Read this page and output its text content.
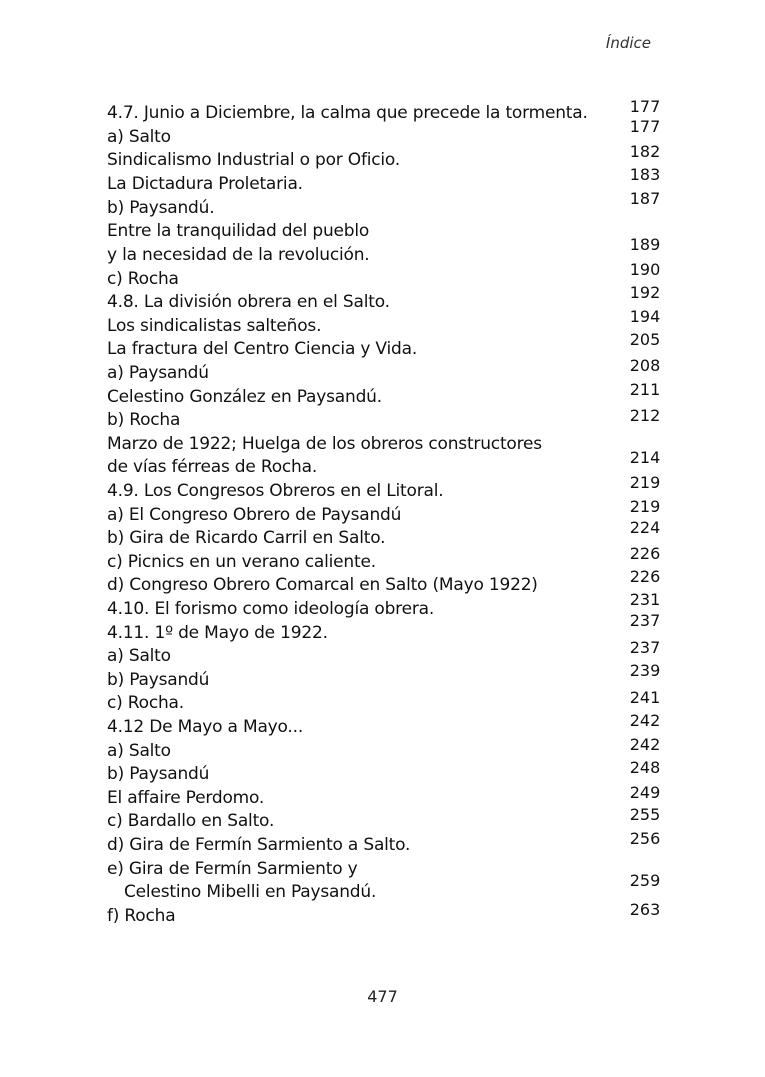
Índice
4.7. Junio a Diciembre, la calma que precede la tormenta.
a) Salto
Sindicalismo Industrial o por Oficio.
La Dictadura Proletaria.
b) Paysandú.
Entre la tranquilidad del pueblo
y la necesidad de la revolución.
c) Rocha
4.8. La división obrera en el Salto.
Los sindicalistas salteños.
La fractura del Centro Ciencia y Vida.
a) Paysandú
Celestino González en Paysandú.
b) Rocha
Marzo de 1922; Huelga de los obreros constructores
de vías férreas de Rocha.
4.9. Los Congresos Obreros en el Litoral.
a) El Congreso Obrero de Paysandú
b) Gira de Ricardo Carril en Salto.
c) Picnics en un verano caliente.
d) Congreso Obrero Comarcal en Salto (Mayo 1922)
4.10. El forismo como ideología obrera.
4.11. 1º de Mayo de 1922.
a) Salto
b) Paysandú
c) Rocha.
4.12 De Mayo a Mayo...
a) Salto
b) Paysandú
El affaire Perdomo.
c) Bardallo en Salto.
d) Gira de Fermín Sarmiento a Salto.
e) Gira de Fermín Sarmiento y
Celestino Mibelli en Paysandú.
f) Rocha
177
177
182
183
187
189
190
192
194
205
208
211
212
214
219
219
224
226
226
231
237
237
239
241
242
242
248
249
255
256
259
263
477
